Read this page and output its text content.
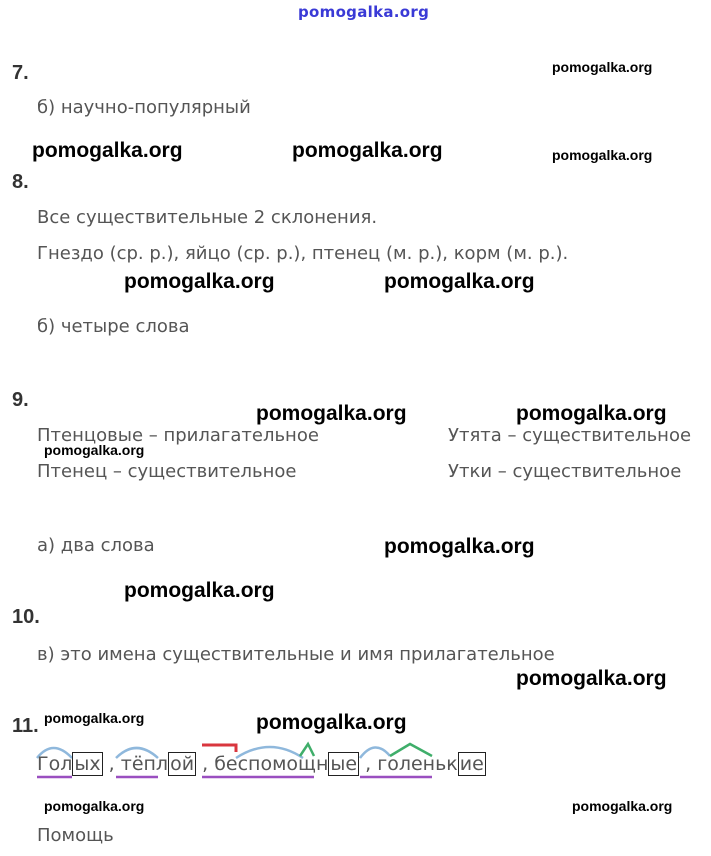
pomogalka.org
7.	pomogalka.org
б) научно-популярный
pomogalka.org	pomogalka.org	pomogalka.org
8.
Все существительные 2 склонения.
Гнездо (ср. р.), яйцо (ср. р.), птенец (м. р.), корм (м. р.).
pomogalka.org	pomogalka.org
б) четыре слова
9.
pomogalka.org	pomogalka.org
Птенцовые – прилагательное	Утята – существительное
pomogalka.org
Птенец – существительное	Утки – существительное
а) два слова	pomogalka.org
pomogalka.org
10.
в) это имена существительные и имя прилагательное
pomogalka.org
11. pomogalka.org	pomogalka.org
Гол ых , тёпл ой , беспомощн ые , голеньк ие
pomogalka.org	pomogalka.org
Помощь
